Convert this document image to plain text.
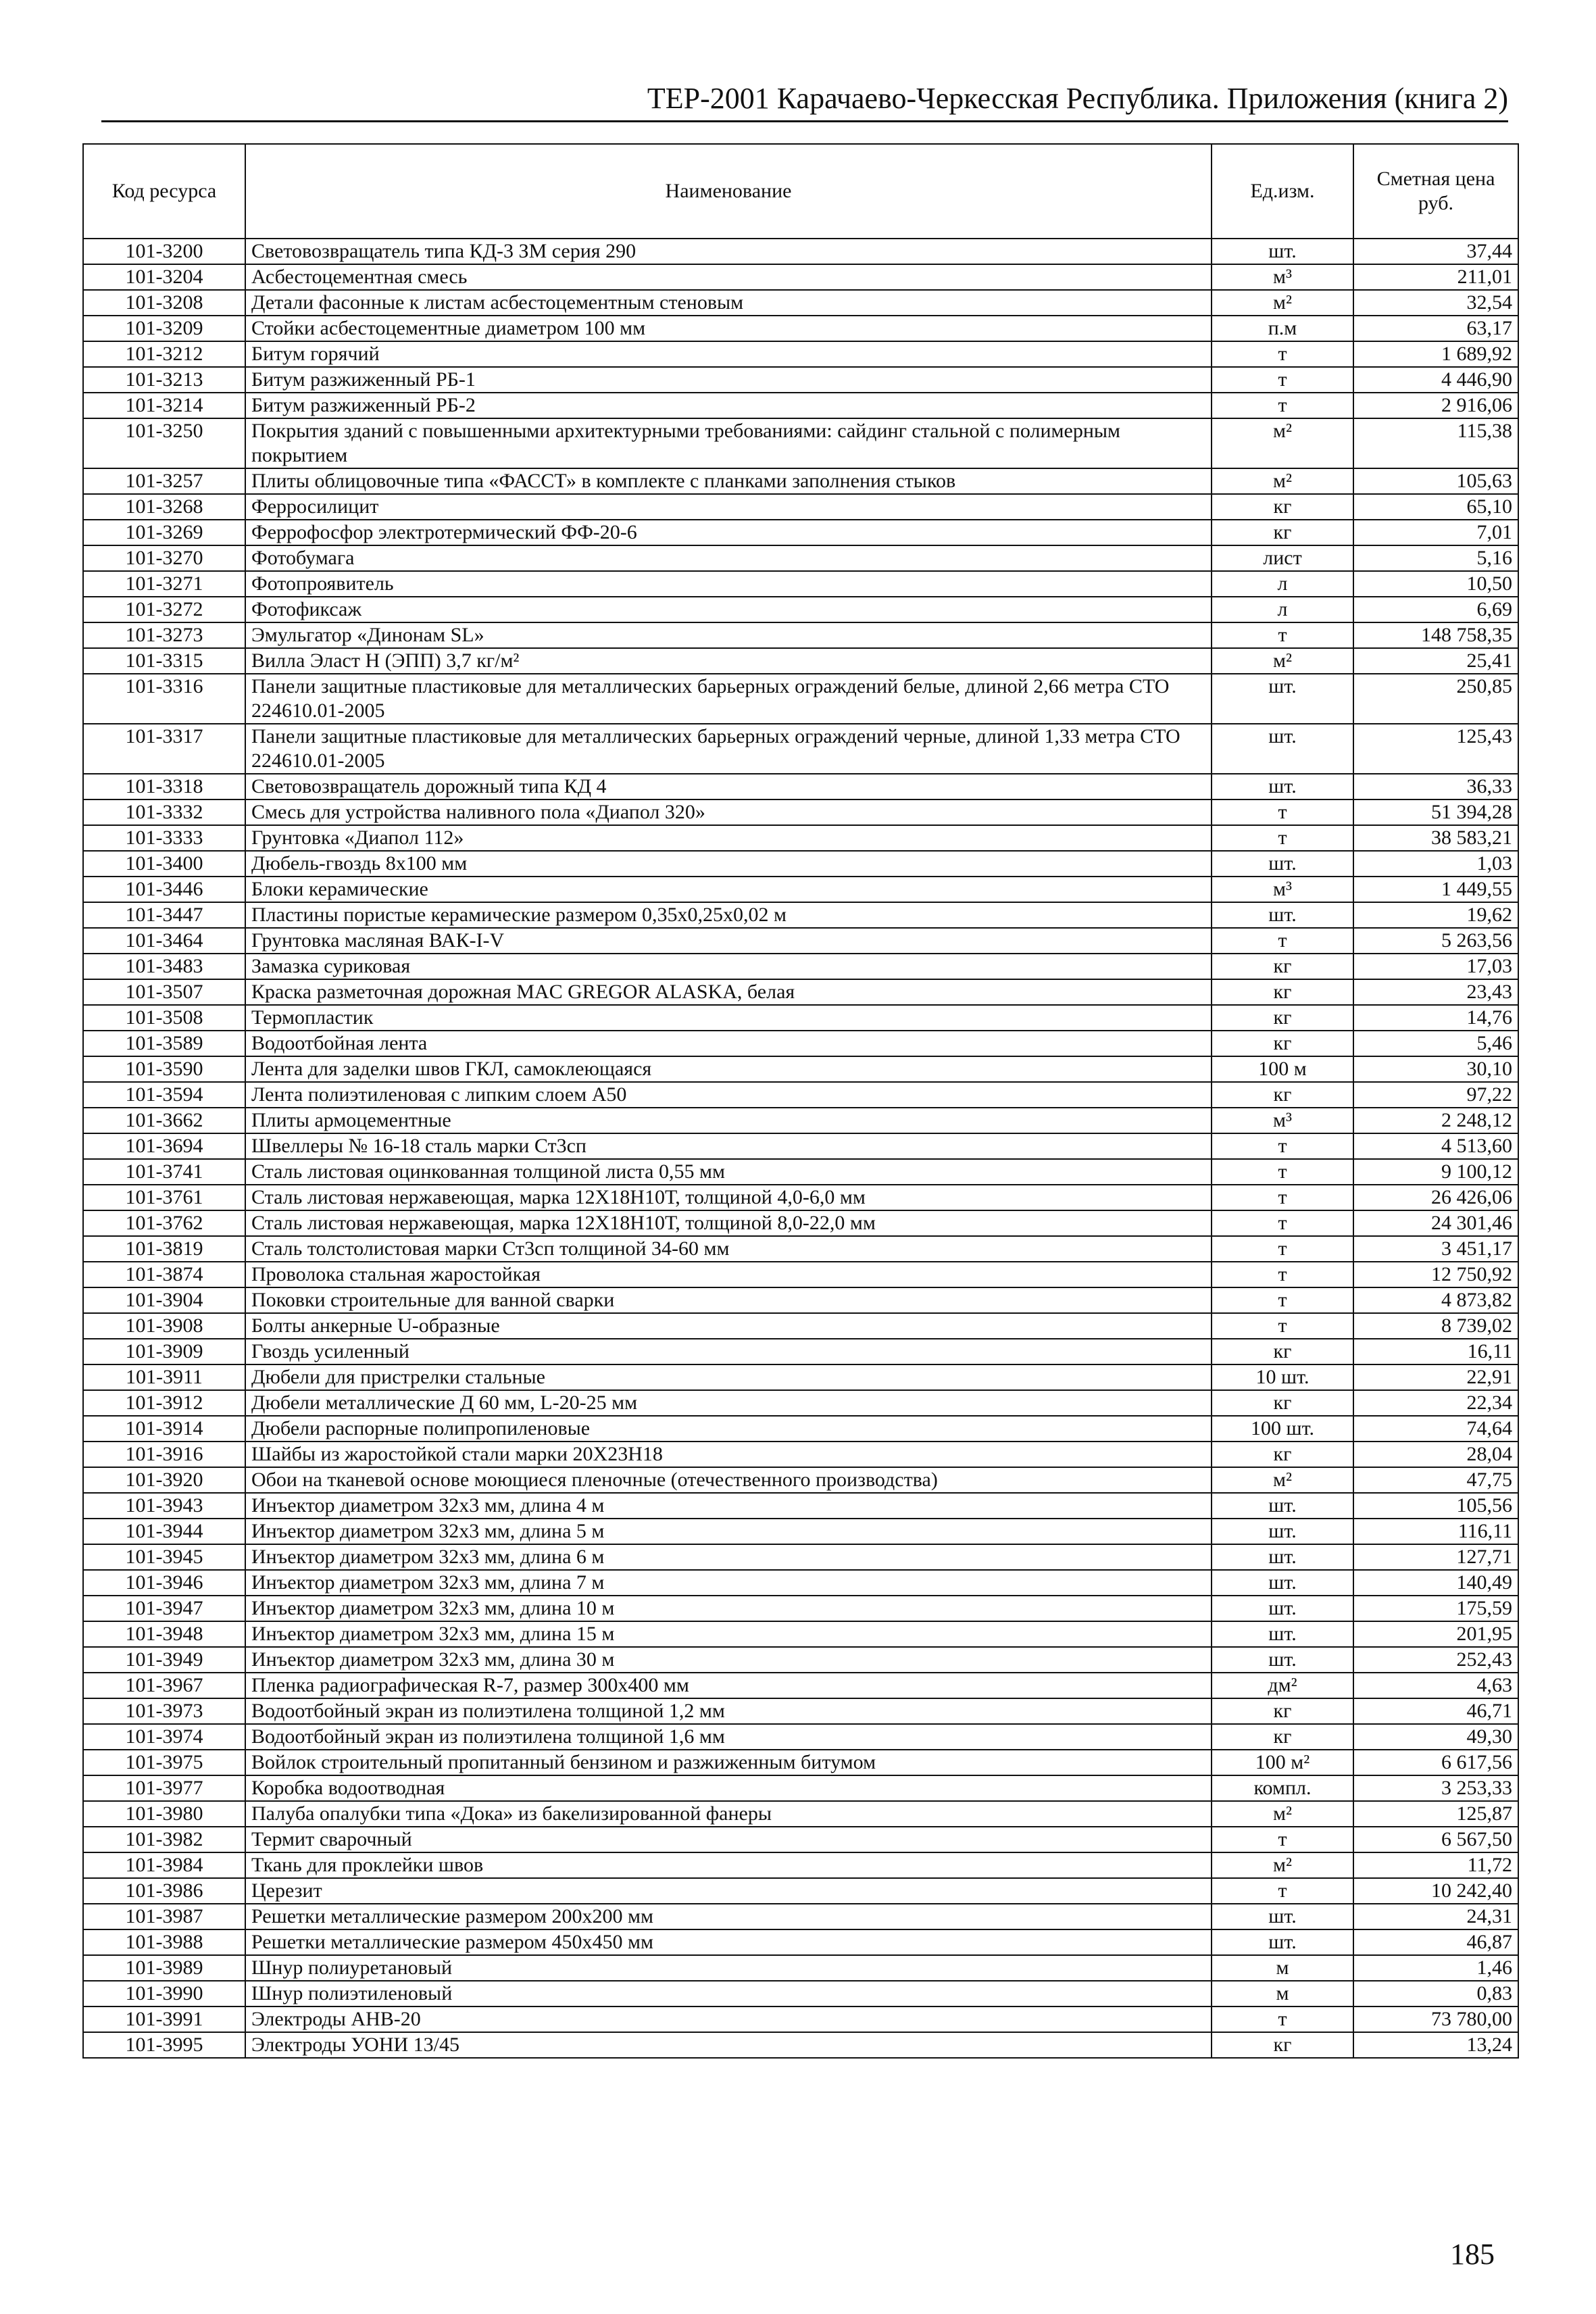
ТЕР-2001 Карачаево-Черкесская Республика. Приложения (книга 2)
Код ресурса	Наименование	Ед.изм.	Сметная цена руб.
101-3200	Световозвращатель типа КД-3 ЗМ серия 290	шт.	37,44
101-3204	Асбестоцементная смесь	м³	211,01
101-3208	Детали фасонные к листам асбестоцементным стеновым	м²	32,54
101-3209	Стойки асбестоцементные диаметром 100 мм	п.м	63,17
101-3212	Битум горячий	т	1 689,92
101-3213	Битум разжиженный РБ-1	т	4 446,90
101-3214	Битум разжиженный РБ-2	т	2 916,06
101-3250	Покрытия зданий с повышенными архитектурными требованиями: сайдинг стальной с полимерным покрытием	м²	115,38
101-3257	Плиты облицовочные типа «ФАССТ» в комплекте с планками заполнения стыков	м²	105,63
101-3268	Ферросилицит	кг	65,10
101-3269	Феррофосфор электротермический ФФ-20-6	кг	7,01
101-3270	Фотобумага	лист	5,16
101-3271	Фотопроявитель	л	10,50
101-3272	Фотофиксаж	л	6,69
101-3273	Эмульгатор «Динонам SL»	т	148 758,35
101-3315	Вилла Эласт Н (ЭПП) 3,7 кг/м²	м²	25,41
101-3316	Панели защитные пластиковые для металлических барьерных ограждений белые, длиной 2,66 метра СТО 224610.01-2005	шт.	250,85
101-3317	Панели защитные пластиковые для металлических барьерных ограждений черные, длиной 1,33 метра СТО 224610.01-2005	шт.	125,43
101-3318	Световозвращатель дорожный типа КД 4	шт.	36,33
101-3332	Смесь для устройства наливного пола «Диапол 320»	т	51 394,28
101-3333	Грунтовка «Диапол 112»	т	38 583,21
101-3400	Дюбель-гвоздь 8х100 мм	шт.	1,03
101-3446	Блоки керамические	м³	1 449,55
101-3447	Пластины пористые керамические размером 0,35х0,25х0,02 м	шт.	19,62
101-3464	Грунтовка масляная ВАК-I-V	т	5 263,56
101-3483	Замазка суриковая	кг	17,03
101-3507	Краска разметочная дорожная MAC GREGOR ALASKA, белая	кг	23,43
101-3508	Термопластик	кг	14,76
101-3589	Водоотбойная лента	кг	5,46
101-3590	Лента для заделки швов ГКЛ, самоклеющаяся	100 м	30,10
101-3594	Лента полиэтиленовая с липким слоем А50	кг	97,22
101-3662	Плиты армоцементные	м³	2 248,12
101-3694	Швеллеры № 16-18 сталь марки Ст3сп	т	4 513,60
101-3741	Сталь листовая оцинкованная толщиной листа 0,55 мм	т	9 100,12
101-3761	Сталь листовая нержавеющая, марка 12Х18Н10Т, толщиной 4,0-6,0 мм	т	26 426,06
101-3762	Сталь листовая нержавеющая, марка 12Х18Н10Т, толщиной 8,0-22,0 мм	т	24 301,46
101-3819	Сталь толстолистовая марки Ст3сп толщиной 34-60 мм	т	3 451,17
101-3874	Проволока стальная жаростойкая	т	12 750,92
101-3904	Поковки строительные для ванной сварки	т	4 873,82
101-3908	Болты анкерные U-образные	т	8 739,02
101-3909	Гвоздь усиленный	кг	16,11
101-3911	Дюбели для пристрелки стальные	10 шт.	22,91
101-3912	Дюбели металлические Д 60 мм, L-20-25 мм	кг	22,34
101-3914	Дюбели распорные полипропиленовые	100 шт.	74,64
101-3916	Шайбы из жаростойкой стали марки 20Х23Н18	кг	28,04
101-3920	Обои на тканевой основе моющиеся пленочные (отечественного производства)	м²	47,75
101-3943	Инъектор диаметром 32х3 мм, длина 4 м	шт.	105,56
101-3944	Инъектор диаметром 32х3 мм, длина 5 м	шт.	116,11
101-3945	Инъектор диаметром 32х3 мм, длина 6 м	шт.	127,71
101-3946	Инъектор диаметром 32х3 мм, длина 7 м	шт.	140,49
101-3947	Инъектор диаметром 32х3 мм, длина 10 м	шт.	175,59
101-3948	Инъектор диаметром 32х3 мм, длина 15 м	шт.	201,95
101-3949	Инъектор диаметром 32х3 мм, длина 30 м	шт.	252,43
101-3967	Пленка радиографическая R-7, размер 300х400 мм	дм²	4,63
101-3973	Водоотбойный экран из полиэтилена толщиной 1,2 мм	кг	46,71
101-3974	Водоотбойный экран из полиэтилена толщиной 1,6 мм	кг	49,30
101-3975	Войлок строительный пропитанный бензином и разжиженным битумом	100 м²	6 617,56
101-3977	Коробка водоотводная	компл.	3 253,33
101-3980	Палуба опалубки типа «Дока» из бакелизированной фанеры	м²	125,87
101-3982	Термит сварочный	т	6 567,50
101-3984	Ткань для проклейки швов	м²	11,72
101-3986	Церезит	т	10 242,40
101-3987	Решетки металлические размером 200х200 мм	шт.	24,31
101-3988	Решетки металлические размером 450х450 мм	шт.	46,87
101-3989	Шнур полиуретановый	м	1,46
101-3990	Шнур полиэтиленовый	м	0,83
101-3991	Электроды АНВ-20	т	73 780,00
101-3995	Электроды УОНИ 13/45	кг	13,24
185
